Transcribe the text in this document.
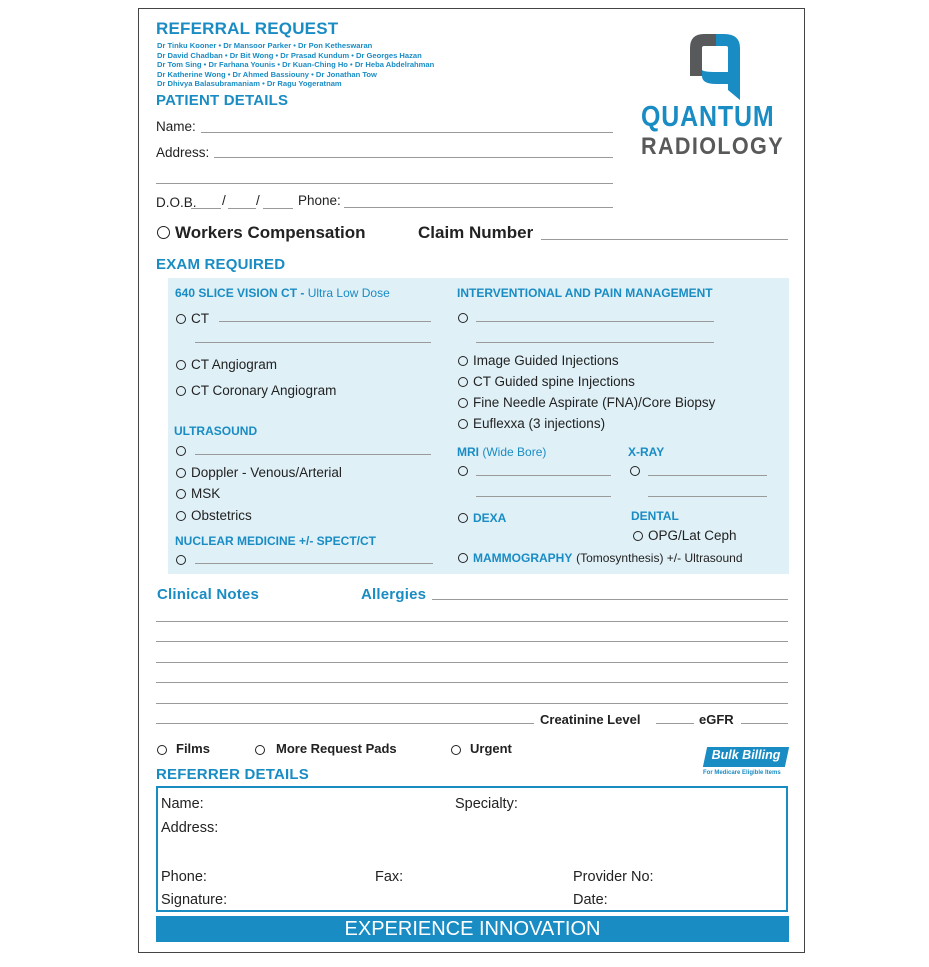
REFERRAL REQUEST
Dr Tinku Kooner • Dr Mansoor Parker • Dr Pon Ketheswaran
Dr David Chadban • Dr Bit Wong • Dr Prasad Kundum • Dr Georges Hazan
Dr Tom Sing • Dr Farhana Younis • Dr Kuan-Ching Ho • Dr Heba Abdelrahman
Dr Katherine Wong • Dr Ahmed Bassiouny • Dr Jonathan Tow
Dr Dhivya Balasubramaniam • Dr Ragu Yogeratnam
PATIENT DETAILS
QUANTUM
RADIOLOGY
Name:
Address:
D.O.B. / /	Phone:
Workers Compensation	Claim Number
EXAM REQUIRED
640 SLICE VISION CT - Ultra Low Dose
CT
CT Angiogram
CT Coronary Angiogram
ULTRASOUND
Doppler - Venous/Arterial
MSK
Obstetrics
NUCLEAR MEDICINE +/- SPECT/CT
INTERVENTIONAL AND PAIN MANAGEMENT
Image Guided Injections
CT Guided spine Injections
Fine Needle Aspirate (FNA)/Core Biopsy
Euflexxa (3 injections)
MRI (Wide Bore)	X-RAY
DEXA	DENTAL
OPG/Lat Ceph
MAMMOGRAPHY (Tomosynthesis) +/- Ultrasound
Clinical Notes	Allergies
Creatinine Level	eGFR
Films	More Request Pads	Urgent	Bulk Billing
For Medicare Eligible Items
REFERRER DETAILS
Name:	Specialty:
Address:
Phone:	Fax:	Provider No:
Signature:	Date:
EXPERIENCE INNOVATION
